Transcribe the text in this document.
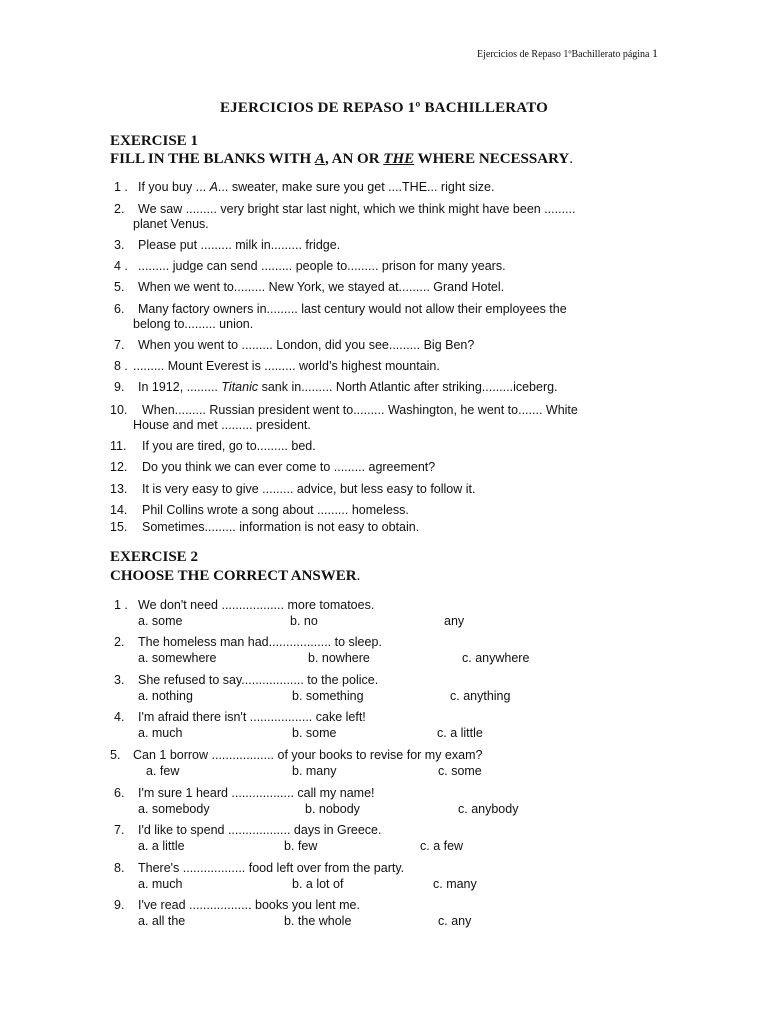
Ejercicios de Repaso 1ºBachillerato página 1
EJERCICIOS DE REPASO 1º BACHILLERATO
EXERCISE 1
FILL IN THE BLANKS WITH A, AN OR THE WHERE NECESSARY.
1 . If you buy ... A... sweater, make sure you get ....THE... right size.
2. We saw ......... very bright star last night, which we think might have been .........
planet Venus.
3. Please put ......... milk in......... fridge.
4 . ......... judge can send ......... people to......... prison for many years.
5. When we went to......... New York, we stayed at......... Grand Hotel.
6. Many factory owners in......... last century would not allow their employees the
belong to......... union.
7. When you went to ......... London, did you see......... Big Ben?
8 . ......... Mount Everest is ......... world’s highest mountain.
9. In 1912, ......... Titanic sank in......... North Atlantic after striking.........iceberg.
10. When......... Russian president went to......... Washington, he went to....... White
House and met ......... president.
11. If you are tired, go to......... bed.
12. Do you think we can ever come to ......... agreement?
13. It is very easy to give ......... advice, but less easy to follow it.
14. Phil Collins wrote a song about ......... homeless.
15. Sometimes......... information is not easy to obtain.
EXERCISE 2
CHOOSE THE CORRECT ANSWER.
1 . We don't need .................. more tomatoes.
a. some	b. no	any
2. The homeless man had.................. to sleep.
a. somewhere	b. nowhere	c. anywhere
3. She refused to say.................. to the police.
a. nothing	b. something	c. anything
4. I'm afraid there isn't .................. cake left!
a. much	b. some	c. a little
5. Can 1 borrow .................. of your books to revise for my exam?
a. few	b. many	c. some
6. I'm sure 1 heard .................. call my name!
a. somebody	b. nobody	c. anybody
7. I'd like to spend .................. days in Greece.
a. a little	b. few	c. a few
8. There's .................. food left over from the party.
a. much	b. a lot of	c. many
9. I've read .................. books you lent me.
a. all the	b. the whole	c. any
